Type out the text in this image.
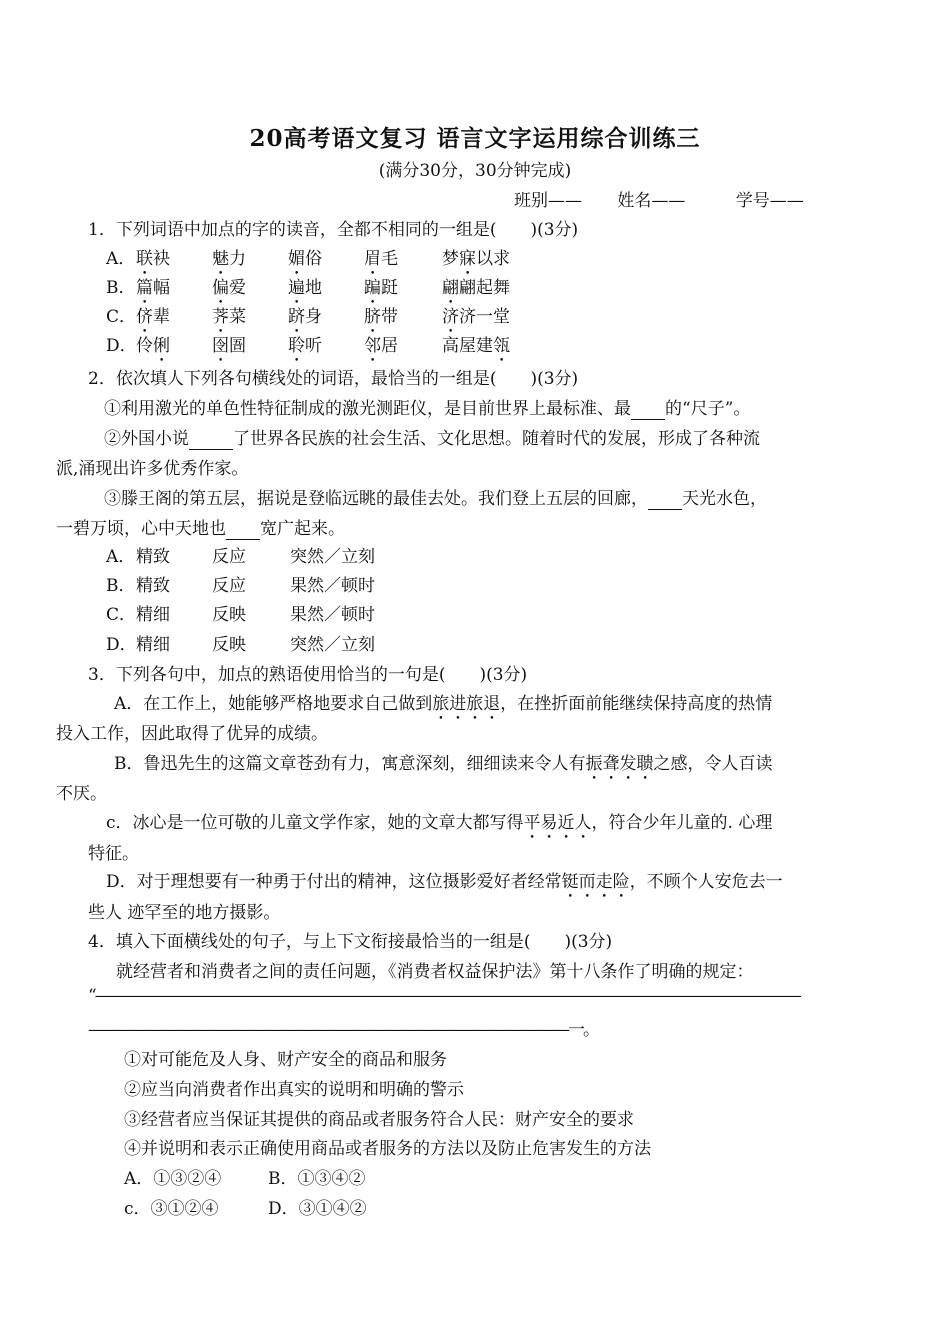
20高考语文复习 语言文字运用综合训练三
(满分30分，30分钟完成)
班别—— 姓名——	学号——
1．下列词语中加点的字的读音，全都不相同的一组是(　　)(3分)
A． 联袂 魅力 媚俗 眉毛	梦寐以求
B． 篇幅 偏爱 遍地 蹁跹	翩翩起舞
C． 侪辈 荠菜 跻身 脐带	济济一堂
D． 伶俐 囹圄 聆听 邻居	高屋建瓴
2．依次填人下列各句横线处的词语，最恰当的一组是(　　)(3分)
①利用激光的单色性特征制成的激光测距仪，是目前世界上最标准、最 的“尺子”。
②外国小说	了世界各民族的社会生活、文化思想。随着时代的发展，形成了各种流
派,涌现出许多优秀作家。
③滕王阁的第五层，据说是登临远眺的最佳去处。我们登上五层的回廊， 天光水色，
一碧万顷，心中天地也 宽广起来。
A． 精致 反应	突然／立刻
B． 精致 反应	果然／顿时
C． 精细 反映	果然／顿时
D． 精细 反映	突然／立刻
3．下列各句中，加点的熟语使用恰当的一句是(　　)(3分)
A．在工作上，她能够严格地要求自己做到旅进旅退，在挫折面前能继续保持高度的热情
投入工作，因此取得了优异的成绩。
B．鲁迅先生的这篇文章苍劲有力，寓意深刻，细细读来令人有振聋发聩之感，令人百读
不厌。
c．冰心是一位可敬的儿童文学作家，她的文章大都写得平易近人，符合少年儿童的. 心理
特征。
D．对于理想要有一种勇于付出的精神，这位摄影爱好者经常铤而走险，不顾个人安危去一
些人 迹罕至的地方摄影。
4．填入下面横线处的句子，与上下文衔接最恰当的一组是(　　)(3分)
就经营者和消费者之间的责任问题，《消费者权益保护法》第十八条作了明确的规定：
“———————————————————————————————————————————————
————————————————————————————————一。
①对可能危及人身、财产安全的商品和服务
②应当向消费者作出真实的说明和明确的警示
③经营者应当保证其提供的商品或者服务符合人民：财产安全的要求
④并说明和表示正确使用商品或者服务的方法以及防止危害发生的方法
A．①③②④	B．①③④②
c．③①②④	D．③①④②
